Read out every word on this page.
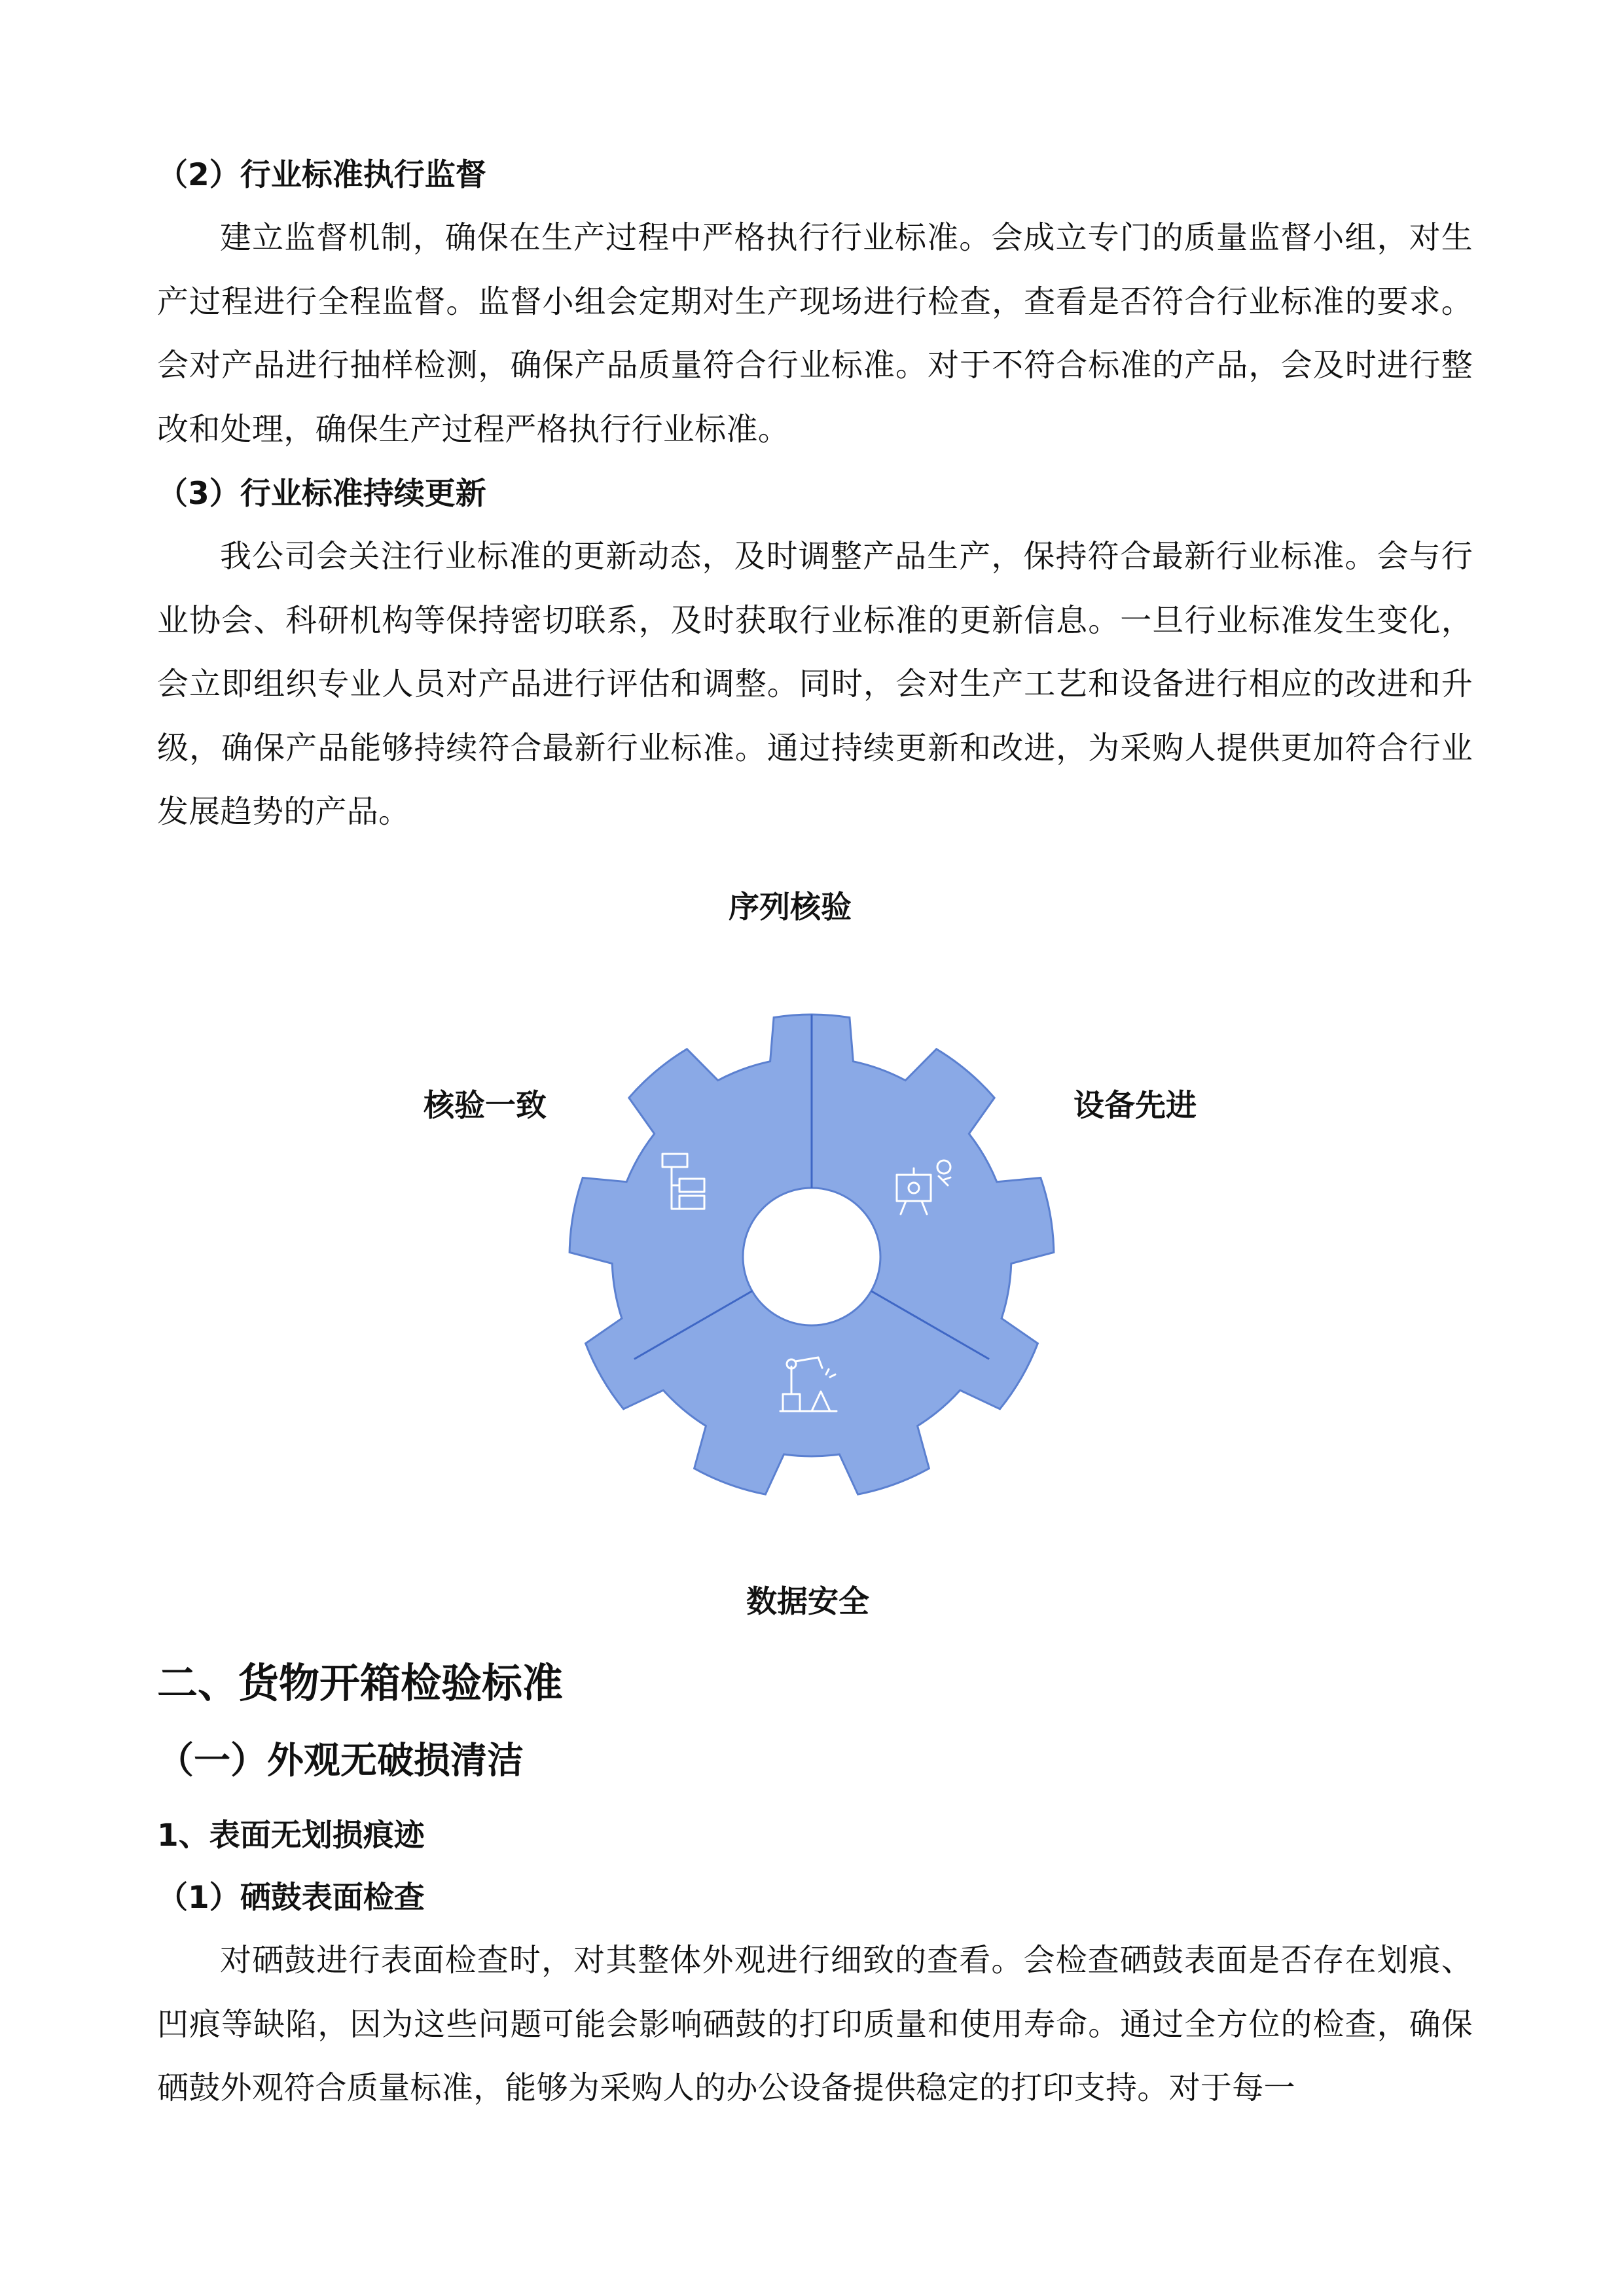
（2）行业标准执行监督

建立监督机制，确保在生产过程中严格执行行业标准。会成立专门的质量监督小组，对生产过程进行全程监督。监督小组会定期对生产现场进行检查，查看是否符合行业标准的要求。会对产品进行抽样检测，确保产品质量符合行业标准。对于不符合标准的产品，会及时进行整改和处理，确保生产过程严格执行行业标准。

（3）行业标准持续更新

我公司会关注行业标准的更新动态，及时调整产品生产，保持符合最新行业标准。会与行业协会、科研机构等保持密切联系，及时获取行业标准的更新信息。一旦行业标准发生变化，会立即组织专业人员对产品进行评估和调整。同时，会对生产工艺和设备进行相应的改进和升级，确保产品能够持续符合最新行业标准。通过持续更新和改进，为采购人提供更加符合行业发展趋势的产品。

序列核验
核验一致	设备先进
数据安全
二、货物开箱检验标准
（一）外观无破损清洁
1、表面无划损痕迹
（1）硒鼓表面检查

对硒鼓进行表面检查时，对其整体外观进行细致的查看。会检查硒鼓表面是否存在划痕、凹痕等缺陷，因为这些问题可能会影响硒鼓的打印质量和使用寿命。通过全方位的检查，确保硒鼓外观符合质量标准，能够为采购人的办公设备提供稳定的打印支持。对于每一
